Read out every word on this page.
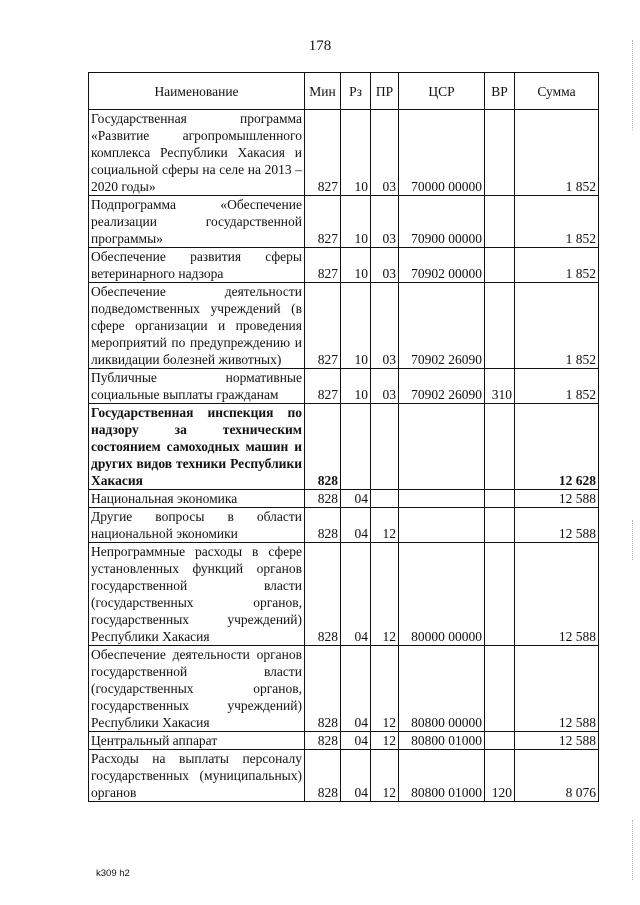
178
Наименование	Мин	Рз	ПР	ЦСР	ВР	Сумма
Государственная программа «Развитие агропромышленного комплекса Республики Хакасия и социальной сферы на селе на 2013 – 2020 годы»	827	10	03	70000 00000		1 852
Подпрограмма «Обеспечение реализации государственной программы»	827	10	03	70900 00000		1 852
Обеспечение развития сферы ветеринарного надзора	827	10	03	70902 00000		1 852
Обеспечение деятельности подведомственных учреждений (в сфере организации и проведения мероприятий по предупреждению и ликвидации болезней животных)	827	10	03	70902 26090		1 852
Публичные нормативные социальные выплаты гражданам	827	10	03	70902 26090	310	1 852
Государственная инспекция по надзору за техническим состоянием самоходных машин и других видов техники Республики Хакасия	828					12 628
Национальная экономика	828	04				12 588
Другие вопросы в области национальной экономики	828	04	12			12 588
Непрограммные расходы в сфере установленных функций органов государственной власти (государственных органов, государственных учреждений) Республики Хакасия	828	04	12	80000 00000		12 588
Обеспечение деятельности органов государственной власти (государственных органов, государственных учреждений) Республики Хакасия	828	04	12	80800 00000		12 588
Центральный аппарат	828	04	12	80800 01000		12 588
Расходы на выплаты персоналу государственных (муниципальных) органов	828	04	12	80800 01000	120	8 076
k309 h2
